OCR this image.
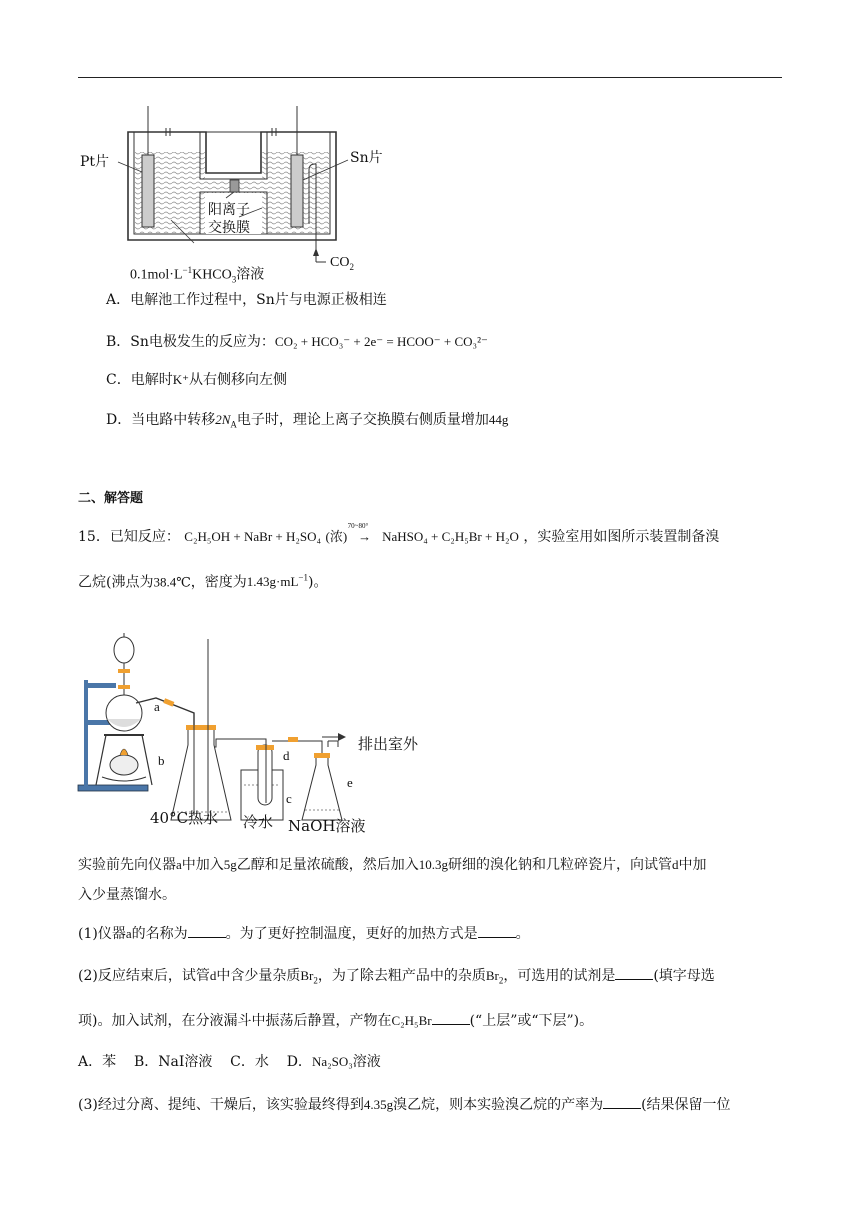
Pt片	Sn片
阳离子
交换膜
$0.1mol\cdot L^{-1}KHCO_3$溶液
$CO_2$
A．电解池工作过程中，Sn片与电源正极相连
B．Sn电极发生的反应为：CO₂ + HCO₃⁻ + 2e⁻ = HCOO⁻ + CO₃²⁻
C．电解时K⁺从右侧移向左侧
D．当电路中转移$2N_A$电子时，理论上离子交换膜右侧质量增加44g
二、解答题
15．已知反应： C₂H₅OH + NaBr + H₂SO₄ (浓)
70~80°
→ NaHSO₄ + C₂H₅Br + H₂O ，实验室用如图所示装置制备溴
乙烷(沸点为38.4℃，密度为$1.43g\cdot mL^{-1}$)。
a
b
c
d
e
40°C热水 冷水 NaOH溶液
排出室外
实验前先向仪器a中加入5g乙醇和足量浓硫酸，然后加入10.3g研细的溴化钠和几粒碎瓷片，向试管d中加
入少量蒸馏水。
(1)仪器a的名称为	。为了更好控制温度，更好的加热方式是	。
(2)反应结束后，试管d中含少量杂质$Br_2$，为了除去粗产品中的杂质$Br_2$，可选用的试剂是	(填字母选
项)。加入试剂，在分液漏斗中振荡后静置，产物在C₂H₅Br	(“上层”或“下层”)。
A．苯 B．NaI溶液 C．水 D．Na₂SO₃溶液
(3)经过分离、提纯、干燥后，该实验最终得到4.35g溴乙烷，则本实验溴乙烷的产率为	(结果保留一位
